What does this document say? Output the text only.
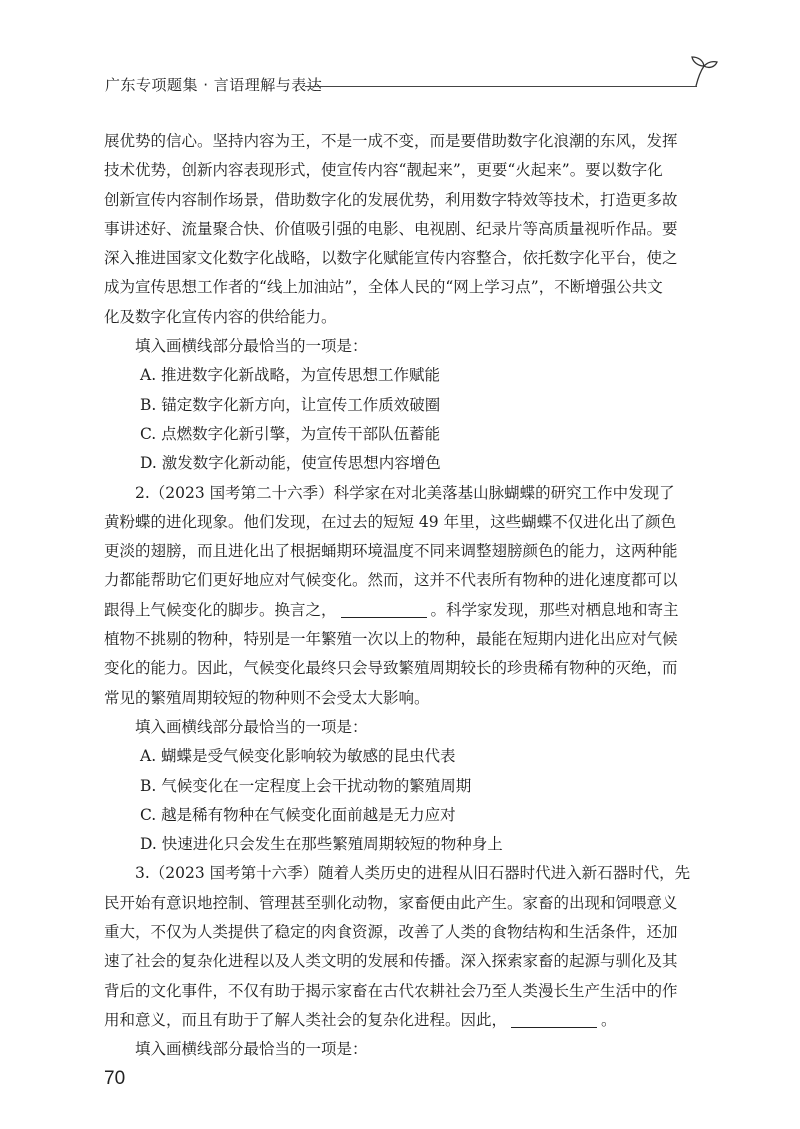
广东专项题集 · 言语理解与表达

展优势的信心。坚持内容为王，不是一成不变，而是要借助数字化浪潮的东风，发挥
技术优势，创新内容表现形式，使宣传内容“靓起来”，更要“火起来”。要以数字化
创新宣传内容制作场景，借助数字化的发展优势，利用数字特效等技术，打造更多故
事讲述好、流量聚合快、价值吸引强的电影、电视剧、纪录片等高质量视听作品。要
深入推进国家文化数字化战略，以数字化赋能宣传内容整合，依托数字化平台，使之
成为宣传思想工作者的“线上加油站”，全体人民的“网上学习点”，不断增强公共文
化及数字化宣传内容的供给能力。

填入画横线部分最恰当的一项是：

A. 推进数字化新战略，为宣传思想工作赋能

B. 锚定数字化新方向，让宣传工作质效破圈

C. 点燃数字化新引擎，为宣传干部队伍蓄能

D. 激发数字化新动能，使宣传思想内容增色

2.（2023 国考第二十六季）科学家在对北美落基山脉蝴蝶的研究工作中发现了
黄粉蝶的进化现象。他们发现，在过去的短短 49 年里，这些蝴蝶不仅进化出了颜色
更淡的翅膀，而且进化出了根据蛹期环境温度不同来调整翅膀颜色的能力，这两种能
力都能帮助它们更好地应对气候变化。然而，这并不代表所有物种的进化速度都可以
跟得上气候变化的脚步。换言之，	。科学家发现，那些对栖息地和寄主
植物不挑剔的物种，特别是一年繁殖一次以上的物种，最能在短期内进化出应对气候
变化的能力。因此，气候变化最终只会导致繁殖周期较长的珍贵稀有物种的灭绝，而
常见的繁殖周期较短的物种则不会受太大影响。

填入画横线部分最恰当的一项是：

A. 蝴蝶是受气候变化影响较为敏感的昆虫代表

B. 气候变化在一定程度上会干扰动物的繁殖周期

C. 越是稀有物种在气候变化面前越是无力应对

D. 快速进化只会发生在那些繁殖周期较短的物种身上

3.（2023 国考第十六季）随着人类历史的进程从旧石器时代进入新石器时代，先
民开始有意识地控制、管理甚至驯化动物，家畜便由此产生。家畜的出现和饲喂意义
重大，不仅为人类提供了稳定的肉食资源，改善了人类的食物结构和生活条件，还加
速了社会的复杂化进程以及人类文明的发展和传播。深入探索家畜的起源与驯化及其
背后的文化事件，不仅有助于揭示家畜在古代农耕社会乃至人类漫长生产生活中的作
用和意义，而且有助于了解人类社会的复杂化进程。因此，	。

填入画横线部分最恰当的一项是：

70
